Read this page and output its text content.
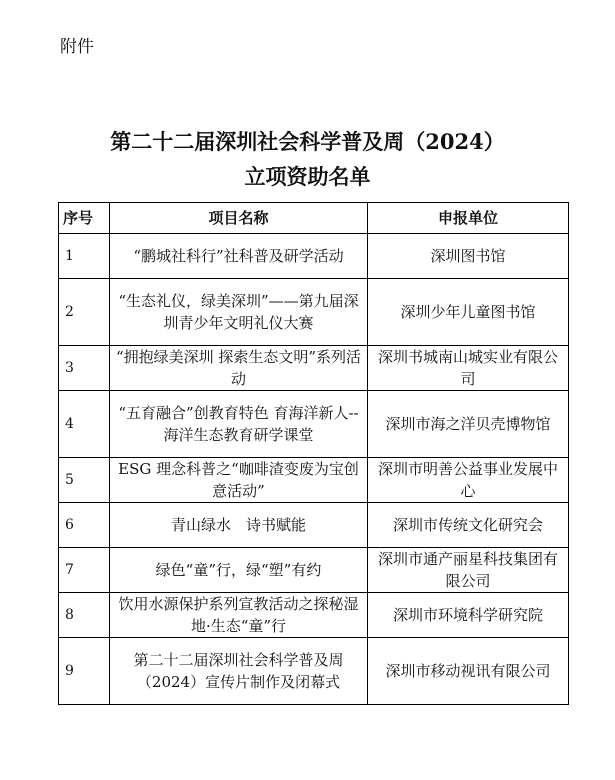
附件
第二十二届深圳社会科学普及周（2024）
立项资助名单
序号	项目名称	申报单位
1	“鹏城社科行”社科普及研学活动	深圳图书馆
2	“生态礼仪，绿美深圳”——第九届深圳青少年文明礼仪大赛	深圳少年儿童图书馆
3	“拥抱绿美深圳 探索生态文明”系列活动	深圳书城南山城实业有限公司
4	“五育融合”创教育特色 育海洋新人--海洋生态教育研学课堂	深圳市海之洋贝壳博物馆
5	ESG 理念科普之“咖啡渣变废为宝创意活动”	深圳市明善公益事业发展中心
6	青山绿水　诗书赋能	深圳市传统文化研究会
7	绿色“童”行，绿“塑”有约	深圳市通产丽星科技集团有限公司
8	饮用水源保护系列宣教活动之探秘湿地·生态“童”行	深圳市环境科学研究院
9	第二十二届深圳社会科学普及周（2024）宣传片制作及闭幕式	深圳市移动视讯有限公司
